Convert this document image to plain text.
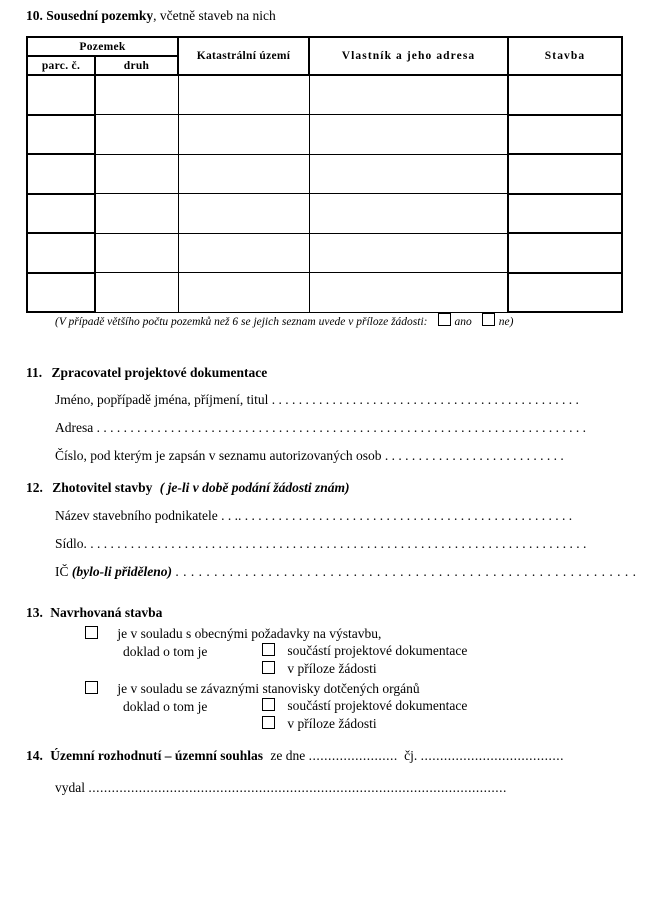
10. Sousední pozemky, včetně staveb na nich
Pozemek		Katastrální území	Vlastník a jeho adresa	Stavba
parc. č.	druh			

(V případě většího počtu pozemků než 6 se jejich seznam uvede v příloze žádosti: ano ne)
11. Zpracovatel projektové dokumentace
Jméno, popřípadě jména, příjmení, titul . . . . . . . . . . . . . . . . . . . . . . . . . . . . . . . . . . . . . . . . . . . . . .
Adresa . . . . . . . . . . . . . . . . . . . . . . . . . . . . . . . . . . . . . . . . . . . . . . . . . . . . . . . . . . . . . . . . . . . . . . . . .
Číslo, pod kterým je zapsán v seznamu autorizovaných osob . . . . . . . . . . . . . . . . . . . . . . . . . . .
12. Zhotovitel stavby ( je-li v době podání žádosti znám)
Název stavebního podnikatele . . .. . . . . . . . . . . . . . . . . . . . . . . . . . . . . . . . . . . . . . . . . . . . . . . . . .
Sídlo. . . . . . . . . . . . . . . . . . . . . . . . . . . . . . . . . . . . . . . . . . . . . . . . . . . . . . . . . . . . . . . . . . . . . . . . . . .
IČ (bylo-li přiděleno) . . . . . . . . . . . . . . . . . . . . . . . . . . . . . . . . . . . . . . . . . . . . . . . . . . . . . . . . . . . .
13. Navrhovaná stavba
je v souladu s obecnými požadavky na výstavbu,
doklad o tom je	součástí projektové dokumentace
v příloze žádosti
je v souladu se závaznými stanovisky dotčených orgánů
doklad o tom je	součástí projektové dokumentace
v příloze žádosti
14. Územní rozhodnutí – územní souhlas ze dne ....................... čj. .....................................
vydal ............................................................................................................
